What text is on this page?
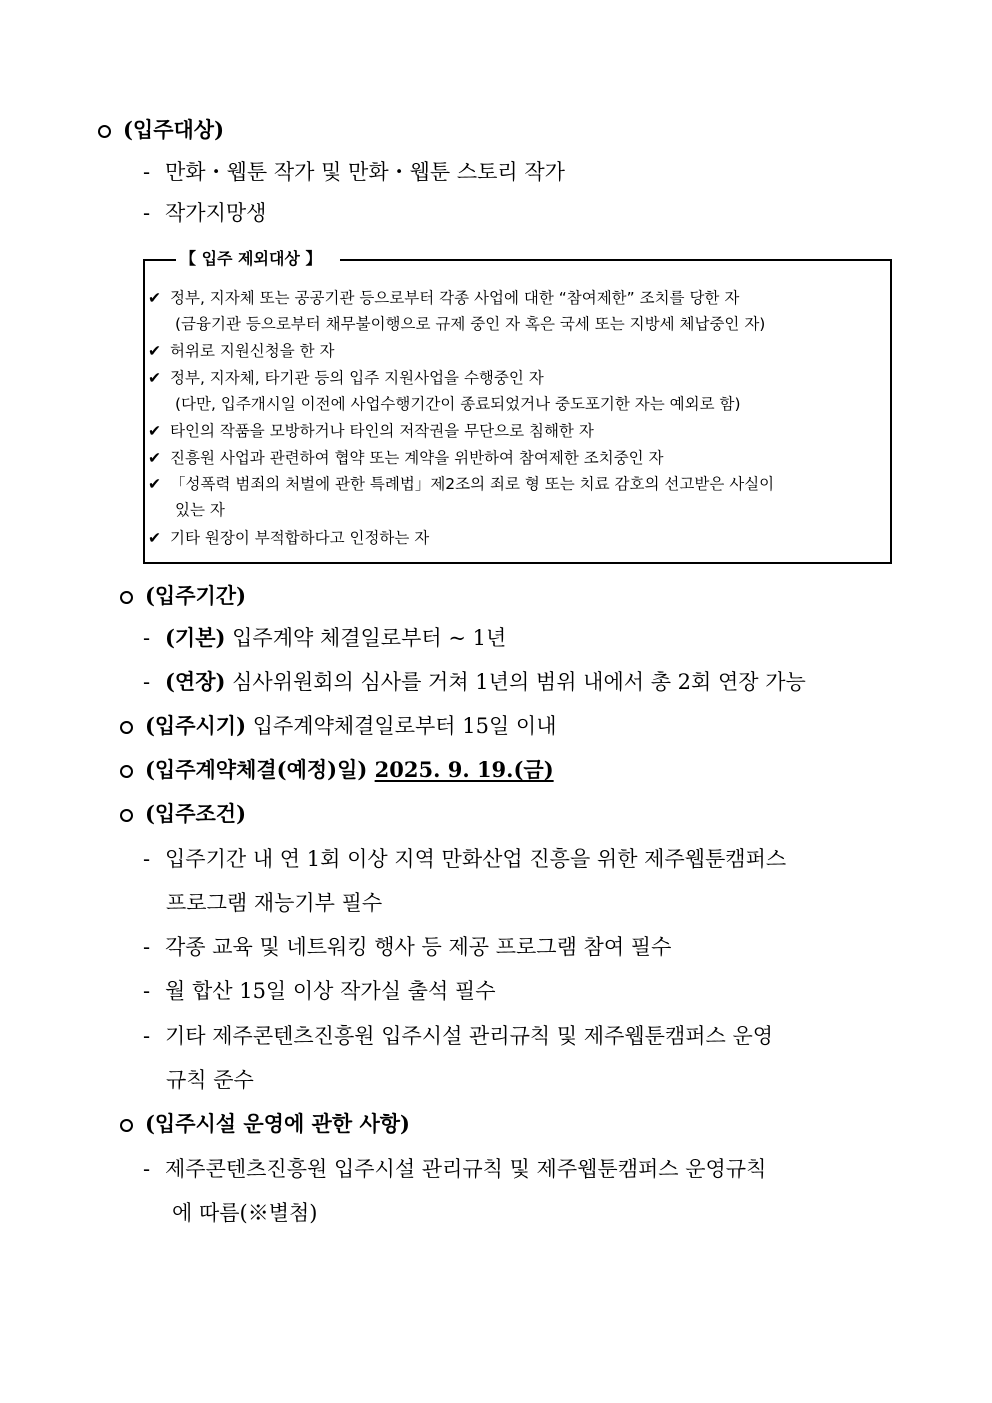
(입주대상)
- 만화・웹툰 작가 및 만화・웹툰 스토리 작가
- 작가지망생
【 입주 제외대상 】
✔ 정부, 지자체 또는 공공기관 등으로부터 각종 사업에 대한 “참여제한” 조치를 당한 자
(금융기관 등으로부터 채무불이행으로 규제 중인 자 혹은 국세 또는 지방세 체납중인 자)
✔ 허위로 지원신청을 한 자
✔ 정부, 지자체, 타기관 등의 입주 지원사업을 수행중인 자
(다만, 입주개시일 이전에 사업수행기간이 종료되었거나 중도포기한 자는 예외로 함)
✔ 타인의 작품을 모방하거나 타인의 저작권을 무단으로 침해한 자
✔ 진흥원 사업과 관련하여 협약 또는 계약을 위반하여 참여제한 조치중인 자
✔ 「성폭력 범죄의 처벌에 관한 특례법」제2조의 죄로 형 또는 치료 감호의 선고받은 사실이
있는 자
✔ 기타 원장이 부적합하다고 인정하는 자
(입주기간)
- (기본) 입주계약 체결일로부터 ~ 1년
- (연장) 심사위원회의 심사를 거쳐 1년의 범위 내에서 총 2회 연장 가능
(입주시기) 입주계약체결일로부터 15일 이내
(입주계약체결(예정)일) 2025. 9. 19.(금)
(입주조건)
- 입주기간 내 연 1회 이상 지역 만화산업 진흥을 위한 제주웹툰캠퍼스
프로그램 재능기부 필수
- 각종 교육 및 네트워킹 행사 등 제공 프로그램 참여 필수
- 월 합산 15일 이상 작가실 출석 필수
- 기타 제주콘텐츠진흥원 입주시설 관리규칙 및 제주웹툰캠퍼스 운영
규칙 준수
(입주시설 운영에 관한 사항)
- 제주콘텐츠진흥원 입주시설 관리규칙 및 제주웹툰캠퍼스 운영규칙
에 따름(※별첨)
